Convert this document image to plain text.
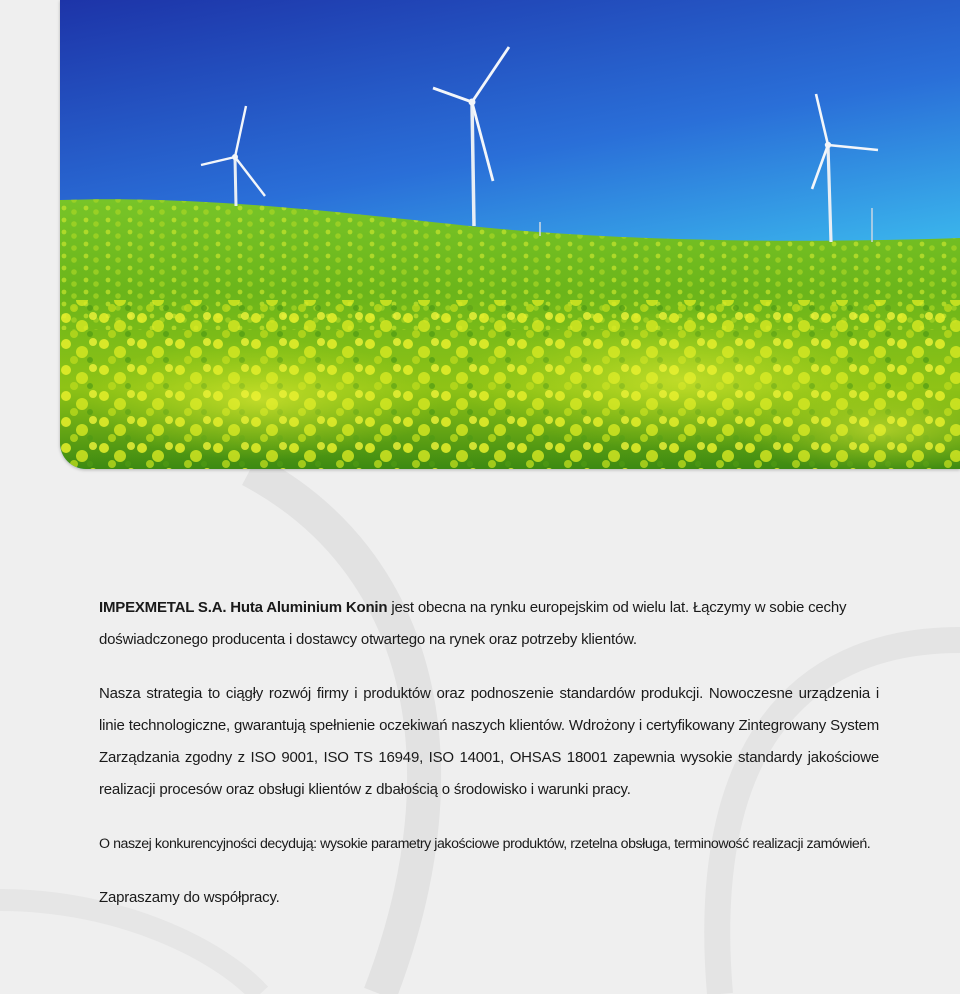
IMPEXMETAL S.A. Huta Aluminium Konin jest obecna na rynku europejskim od wielu lat. Łączymy w sobie cechy doświadczonego producenta i dostawcy otwartego na rynek oraz potrzeby klientów.

Nasza strategia to ciągły rozwój firmy i produktów oraz podnoszenie standardów produkcji. Nowoczesne urządzenia i linie technologiczne, gwarantują spełnienie oczekiwań naszych klientów. Wdrożony i certyfikowany Zintegrowany System Zarządzania zgodny z ISO 9001, ISO TS 16949, ISO 14001, OHSAS 18001 zapewnia wysokie standardy jakościowe realizacji procesów oraz obsługi klientów z dbałością o środowisko i warunki pracy.

O naszej konkurencyjności decydują: wysokie parametry jakościowe produktów, rzetelna obsługa, terminowość realizacji zamówień.

Zapraszamy do współpracy.
